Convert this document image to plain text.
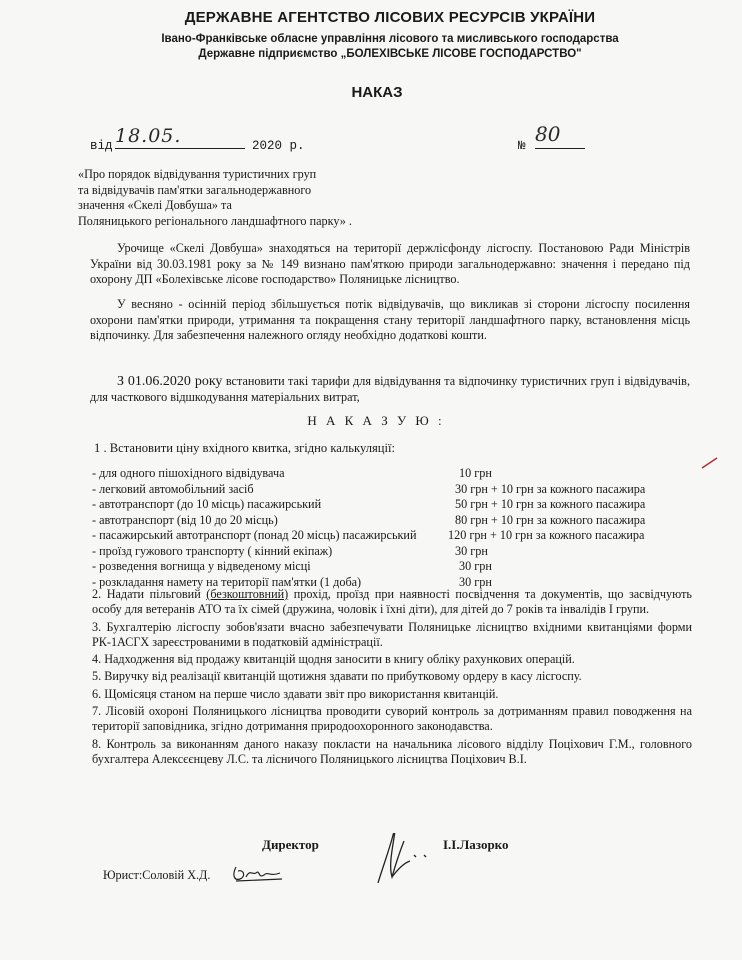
ДЕРЖАВНЕ АГЕНТСТВО ЛІСОВИХ РЕСУРСІВ УКРАЇНИ
Івано-Франківське обласне управління лісового та мисливського господарства
Державне підприємство „БОЛЕХІВСЬКЕ ЛІСОВЕ ГОСПОДАРСТВО"
НАКАЗ
від 18.05.	2020 р.	№ 80
«Про порядок відвідування туристичних груп
та відвідувачів пам'ятки загальнодержавного
значення «Скелі Довбуша» та
Поляницького регіонального ландшафтного парку» .
Урочище «Скелі Довбуша» знаходяться на території держлісфонду лісгоспу. Постановою Ради Міністрів України від 30.03.1981 року за № 149 визнано пам'яткою природи загальнодержавно: значення і передано під охорону ДП «Болехівське лісове господарство» Поляницьке лісництво.
У весняно - осінній період збільшується потік відвідувачів, що викликав зі сторони лісгоспу посилення охорони пам'ятки природи, утримання та покращення стану території ландшафтного парку, встановлення місць відпочинку. Для забезпечення належного огляду необхідно додаткові кошти.
З 01.06.2020 року встановити такі тарифи для відвідування та відпочинку туристичних груп і відвідувачів, для часткового відшкодування матеріальних витрат,
Н А К А З У Ю :
1 . Встановити ціну вхідного квитка, згідно калькуляції:
- для одного пішохідного відвідувача	10 грн
- легковий автомобільний засіб	30 грн + 10 грн за кожного пасажира
- автотранспорт (до 10 місць) пасажирський	50 грн + 10 грн за кожного пасажира
- автотранспорт (від 10 до 20 місць)	80 грн + 10 грн за кожного пасажира
- пасажирський автотранспорт (понад 20 місць) пасажирський	120 грн + 10 грн за кожного пасажира
- проїзд гужового транспорту ( кінний екіпаж)	30 грн
- розведення вогнища у відведеному місці	30 грн
- розкладання намету на території пам'ятки (1 доба)	30 грн
2. Надати пільговий (безкоштовний) прохід, проїзд при наявності посвідчення та документів, що засвідчують особу для ветеранів АТО та їх сімей (дружина, чоловік і їхні діти), для дітей до 7 років та інвалідів І групи.
3. Бухгалтерію лісгоспу зобов'язати вчасно забезпечувати Поляницьке лісництво вхідними квитанціями форми РК-1АСГХ зареєстрованими в податковій адміністрації.
4. Надходження від продажу квитанцій щодня заносити в книгу обліку рахункових операцій.
5. Виручку від реалізації квитанцій щотижня здавати по прибутковому ордеру в касу лісгоспу.
6. Щомісяця станом на перше число здавати звіт про використання квитанцій.
7. Лісовій охороні Поляницького лісництва проводити суворий контроль за дотриманням правил поводження на території заповідника, згідно дотримання природоохоронного законодавства.
8. Контроль за виконанням даного наказу покласти на начальника лісового відділу Поціхович Г.М., головного бухгалтера Алексєєнцеву Л.С. та лісничого Поляницького лісництва Поціхович В.І.
Директор	І.І.Лазорко
Юрист:Соловій Х.Д.
